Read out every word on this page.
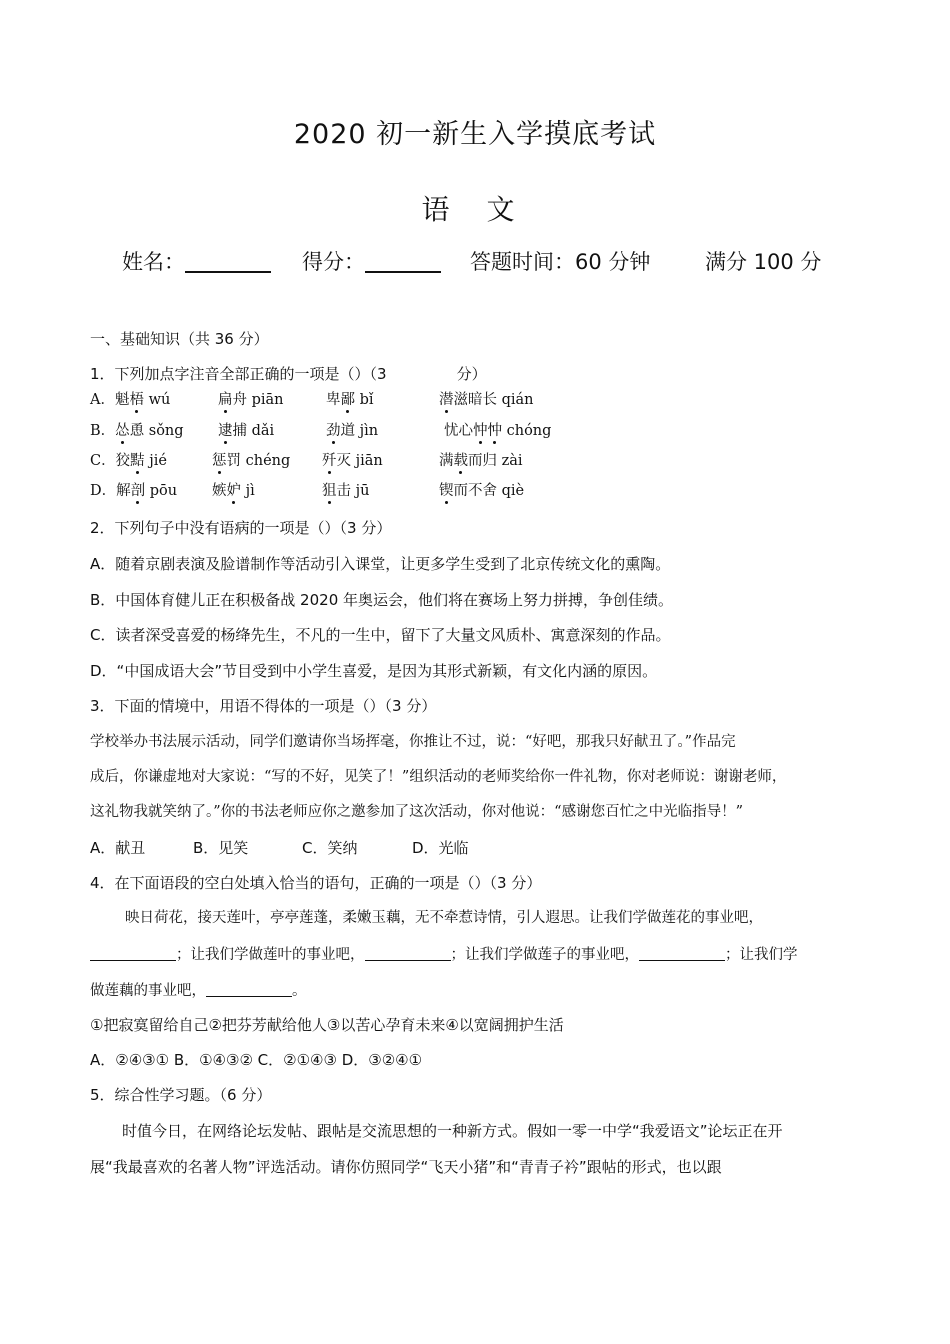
2020 初一新生入学摸底考试
语 文
姓名：	得分：	答题时间：60 分钟	满分 100 分
一、基础知识（共 36 分）
1．下列加点字注音全部正确的一项是（）（3	分）
A．魁梧 wú	扁舟 piān	卑鄙 bǐ	潜滋暗长 qián
B．怂恿 sǒng 逮捕 dǎi	劲道 jìn	忧心忡忡 chóng
C．狡黠 jié	惩罚 chéng 歼灭 jiān	满载而归 zài
D．解剖 pōu 嫉妒 jì	狙击 jū	锲而不舍 qiè
2．下列句子中没有语病的一项是（）（3 分）
A．随着京剧表演及脸谱制作等活动引入课堂，让更多学生受到了北京传统文化的熏陶。
B．中国体育健儿正在积极备战 2020 年奥运会，他们将在赛场上努力拼搏，争创佳绩。
C．读者深受喜爱的杨绛先生，不凡的一生中，留下了大量文风质朴、寓意深刻的作品。
D．“中国成语大会”节目受到中小学生喜爱，是因为其形式新颖，有文化内涵的原因。
3．下面的情境中，用语不得体的一项是（）（3 分）
学校举办书法展示活动，同学们邀请你当场挥毫，你推让不过，说：“好吧，那我只好献丑了。”作品完
成后，你谦虚地对大家说：“写的不好，见笑了！”组织活动的老师奖给你一件礼物，你对老师说：谢谢老师，
这礼物我就笑纳了。”你的书法老师应你之邀参加了这次活动，你对他说：“感谢您百忙之中光临指导！”
A．献丑	B．见笑	C．笑纳	D．光临
4．在下面语段的空白处填入恰当的语句，正确的一项是（）（3 分）
映日荷花，接天莲叶，亭亭莲蓬，柔嫩玉藕，无不牵惹诗情，引人遐思。让我们学做莲花的事业吧，
；让我们学做莲叶的事业吧，	；让我们学做莲子的事业吧，	；让我们学
做莲藕的事业吧，	。
①把寂寞留给自己②把芬芳献给他人③以苦心孕育未来④以宽阔拥护生活
A．②④③① B．①④③② C．②①④③ D．③②④①
5．综合性学习题。（6 分）
时值今日，在网络论坛发帖、跟帖是交流思想的一种新方式。假如一零一中学“我爱语文”论坛正在开
展“我最喜欢的名著人物”评选活动。请你仿照同学“飞天小猪”和“青青子衿”跟帖的形式，也以跟
